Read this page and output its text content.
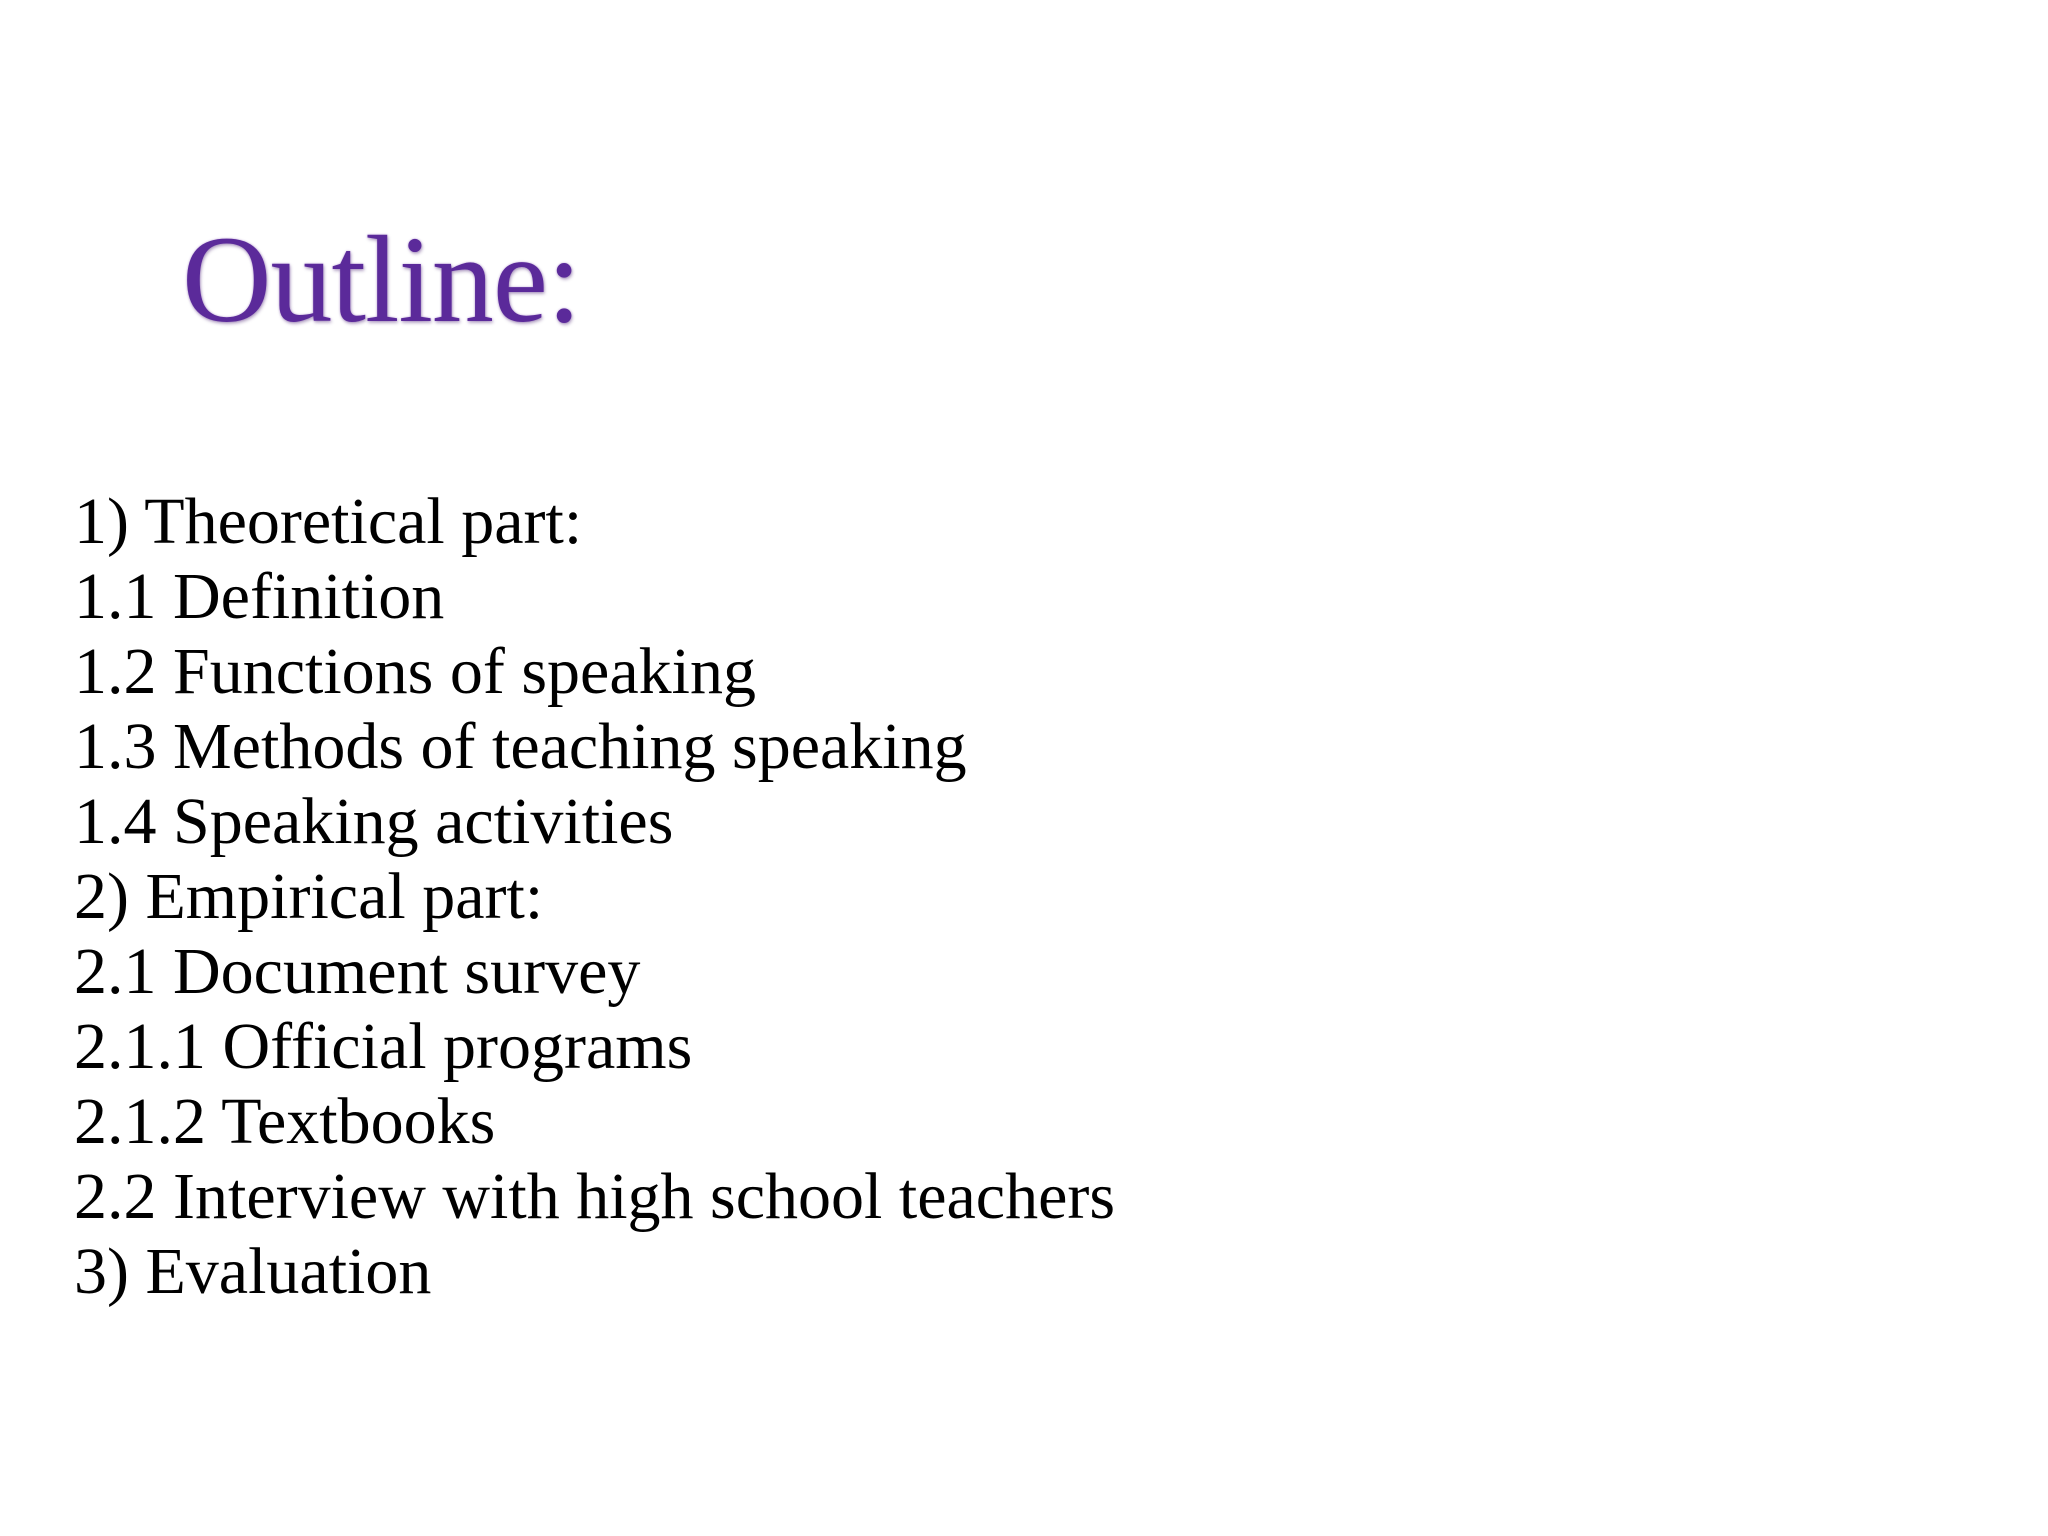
Outline:
1) Theoretical part:
1.1 Definition
1.2 Functions of speaking
1.3 Methods of teaching speaking
1.4 Speaking activities
2) Empirical part:
2.1 Document survey
2.1.1 Official programs
2.1.2 Textbooks
2.2 Interview with high school teachers
3) Evaluation
